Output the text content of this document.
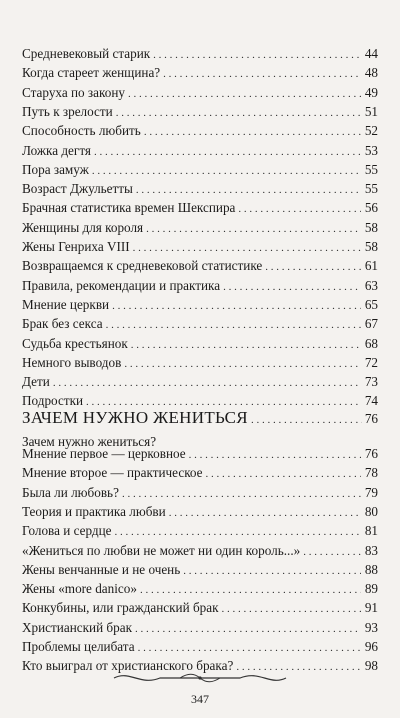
Средневековый старик . . .	44
Когда стареет женщина? . . .	48
Старуха по закону . . .	49
Путь к зрелости . . .	51
Способность любить . . .	52
Ложка дегтя . . .	53
Пора замуж . . .	55
Возраст Джульетты . . .	55
Брачная статистика времен Шекспира . . .	56
Женщины для короля . . .	58
Жены Генриха VIII . . .	58
Возвращаемся к средневековой статистике . . .	61
Правила, рекомендации и практика . . .	63
Мнение церкви . . .	65
Брак без секса . . .	67
Судьба крестьянок . . .	68
Немного выводов . . .	72
Дети . . .	73
Подростки . . .	74
ЗАЧЕМ НУЖНО ЖЕНИТЬСЯ . . .	76
Зачем нужно жениться?
Мнение первое — церковное . . .	76
Мнение второе — практическое . . .	78
Была ли любовь? . . .	79
Теория и практика любви . . .	80
Голова и сердце . . .	81
«Жениться по любви не может ни один король...» . . .	83
Жены венчанные и не очень . . .	88
Жены «more danico» . . .	89
Конкубины, или гражданский брак . . .	91
Христианский брак . . .	93
Проблемы целибата . . .	96
Кто выиграл от христианского брака? . . .	98
347
